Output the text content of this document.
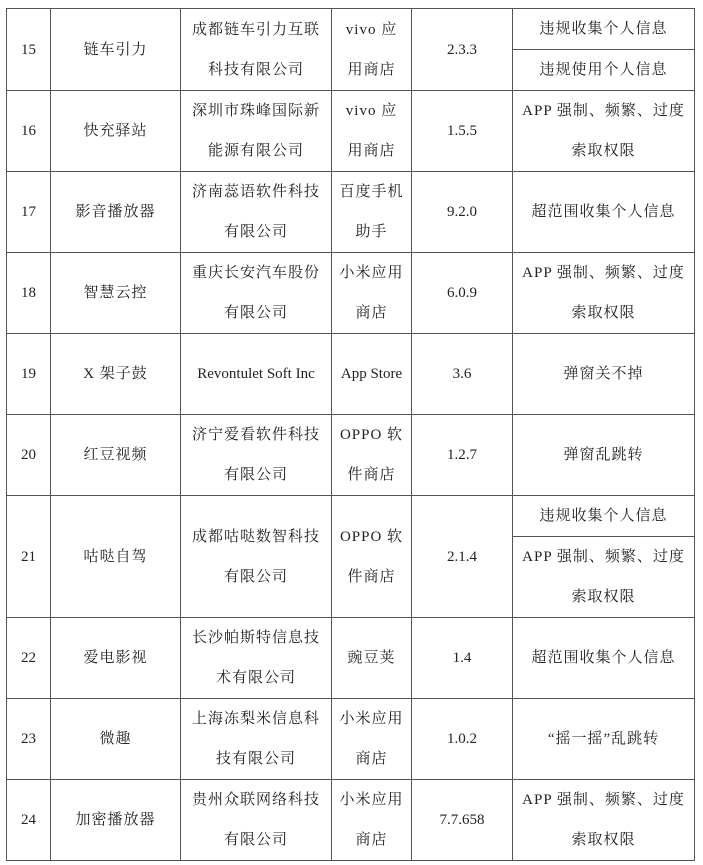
15	链车引力	成都链车引力互联科技有限公司	vivo 应用商店	2.3.3	违规收集个人信息
					违规使用个人信息
16	快充驿站	深圳市珠峰国际新能源有限公司	vivo 应用商店	1.5.5	APP 强制、频繁、过度索取权限
17	影音播放器	济南蕊语软件科技有限公司	百度手机助手	9.2.0	超范围收集个人信息
18	智慧云控	重庆长安汽车股份有限公司	小米应用商店	6.0.9	APP 强制、频繁、过度索取权限
19	X 架子鼓	Revontulet Soft Inc	App Store	3.6	弹窗关不掉
20	红豆视频	济宁爱看软件科技有限公司	OPPO 软件商店	1.2.7	弹窗乱跳转
21	咕哒自驾	成都咕哒数智科技有限公司	OPPO 软件商店	2.1.4	违规收集个人信息
					APP 强制、频繁、过度索取权限
22	爱电影视	长沙帕斯特信息技术有限公司	豌豆荚	1.4	超范围收集个人信息
23	微趣	上海冻梨米信息科技有限公司	小米应用商店	1.0.2	“摇一摇”乱跳转
24	加密播放器	贵州众联网络科技有限公司	小米应用商店	7.7.658	APP 强制、频繁、过度索取权限
